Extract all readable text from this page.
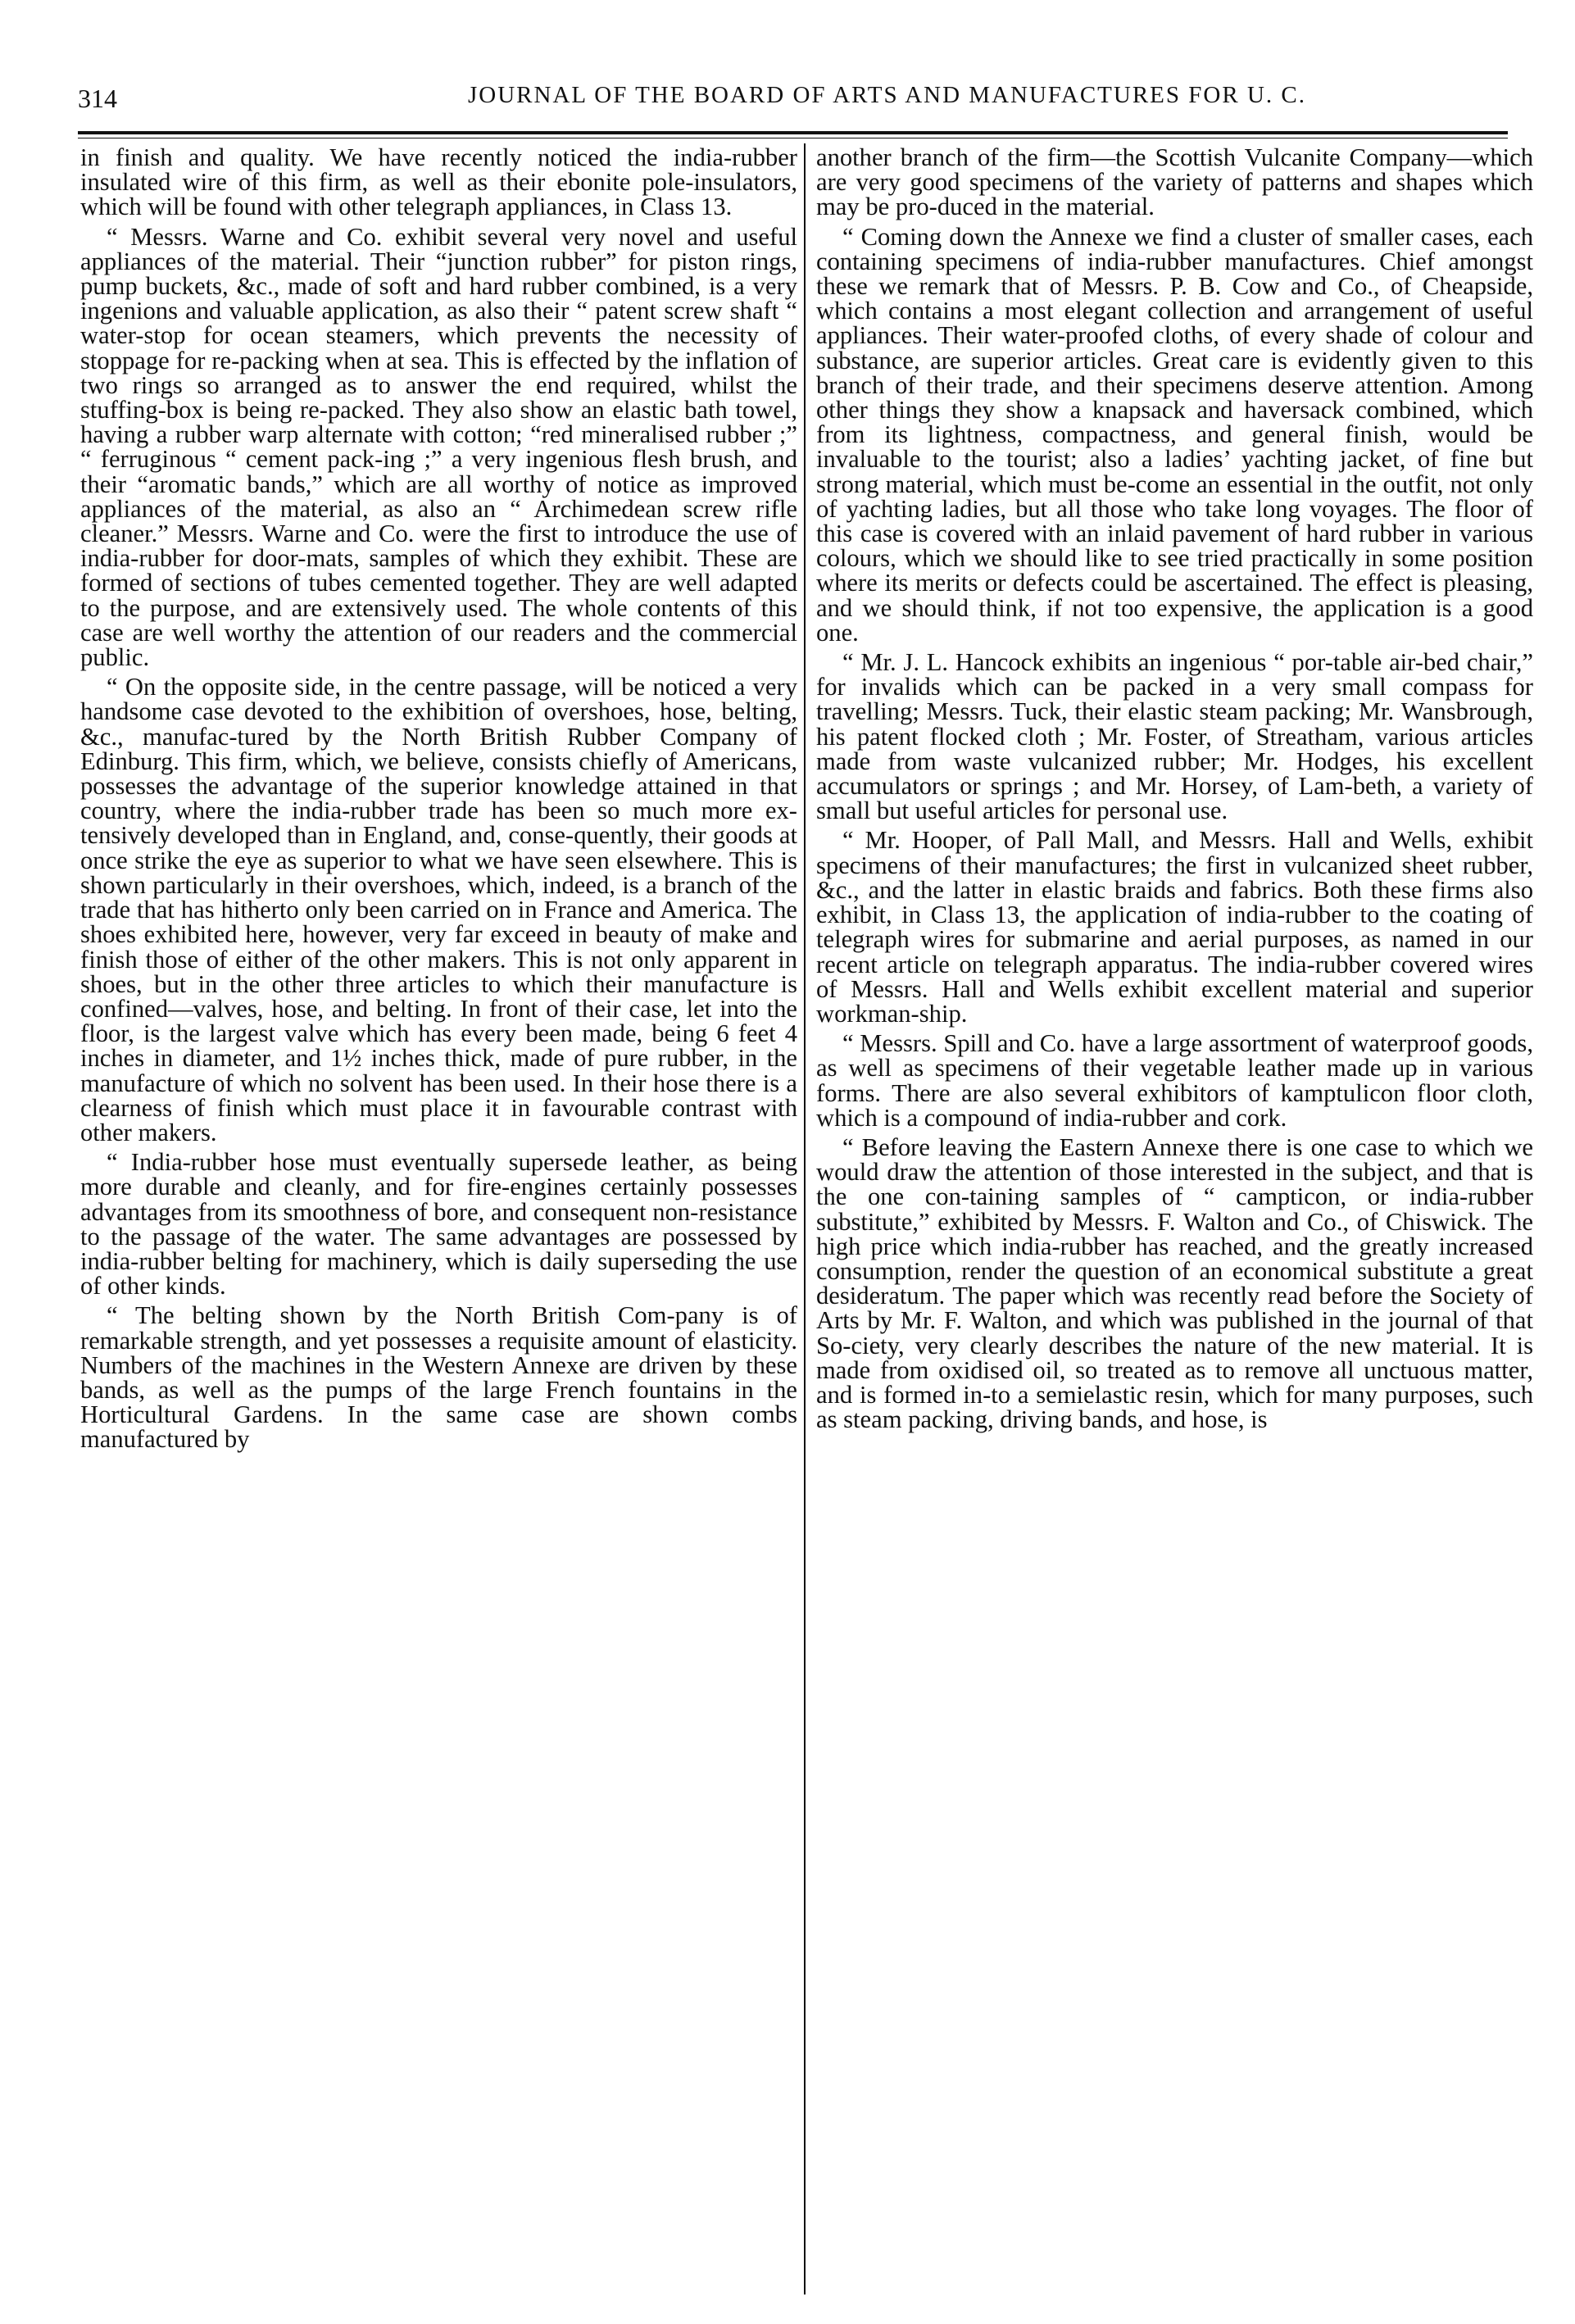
314	JOURNAL OF THE BOARD OF ARTS AND MANUFACTURES FOR U. C.

in finish and quality. We have recently noticed the india-rubber insulated wire of this firm, as well as their ebonite pole-insulators, which will be found with other telegraph appliances, in Class 13.

“ Messrs. Warne and Co. exhibit several very novel and useful appliances of the material. Their “junction rubber” for piston rings, pump buckets, &c., made of soft and hard rubber combined, is a very ingenions and valuable application, as also their “ patent screw shaft “ water-stop for ocean steamers, which prevents the necessity of stoppage for re-packing when at sea. This is effected by the inflation of two rings so arranged as to answer the end required, whilst the stuffing-box is being re-packed. They also show an elastic bath towel, having a rubber warp alternate with cotton; “red mineralised rubber ;” “ ferruginous “ cement pack-ing ;” a very ingenious flesh brush, and their “aromatic bands,” which are all worthy of notice as improved appliances of the material, as also an “ Archimedean screw rifle cleaner.” Messrs. Warne and Co. were the first to introduce the use of india-rubber for door-mats, samples of which they exhibit. These are formed of sections of tubes cemented together. They are well adapted to the purpose, and are extensively used. The whole contents of this case are well worthy the attention of our readers and the commercial public.

“ On the opposite side, in the centre passage, will be noticed a very handsome case devoted to the exhibition of overshoes, hose, belting, &c., manufac-tured by the North British Rubber Company of Edinburg. This firm, which, we believe, consists chiefly of Americans, possesses the advantage of the superior knowledge attained in that country, where the india-rubber trade has been so much more ex-tensively developed than in England, and, conse-quently, their goods at once strike the eye as superior to what we have seen elsewhere. This is shown particularly in their overshoes, which, indeed, is a branch of the trade that has hitherto only been carried on in France and America. The shoes exhibited here, however, very far exceed in beauty of make and finish those of either of the other makers. This is not only apparent in shoes, but in the other three articles to which their manufacture is confined—valves, hose, and belting. In front of their case, let into the floor, is the largest valve which has every been made, being 6 feet 4 inches in diameter, and 1½ inches thick, made of pure rubber, in the manufacture of which no solvent has been used. In their hose there is a clearness of finish which must place it in favourable contrast with other makers.

“ India-rubber hose must eventually supersede leather, as being more durable and cleanly, and for fire-engines certainly possesses advantages from its smoothness of bore, and consequent non-resistance to the passage of the water. The same advantages are possessed by india-rubber belting for machinery, which is daily superseding the use of other kinds.

“ The belting shown by the North British Com-pany is of remarkable strength, and yet possesses a requisite amount of elasticity. Numbers of the machines in the Western Annexe are driven by these bands, as well as the pumps of the large French fountains in the Horticultural Gardens. In the same case are shown combs manufactured by

another branch of the firm—the Scottish Vulcanite Company—which are very good specimens of the variety of patterns and shapes which may be pro-duced in the material.

“ Coming down the Annexe we find a cluster of smaller cases, each containing specimens of india-rubber manufactures. Chief amongst these we remark that of Messrs. P. B. Cow and Co., of Cheapside, which contains a most elegant collection and arrangement of useful appliances. Their water-proofed cloths, of every shade of colour and substance, are superior articles. Great care is evidently given to this branch of their trade, and their specimens deserve attention. Among other things they show a knapsack and haversack combined, which from its lightness, compactness, and general finish, would be invaluable to the tourist; also a ladies’ yachting jacket, of fine but strong material, which must be-come an essential in the outfit, not only of yachting ladies, but all those who take long voyages. The floor of this case is covered with an inlaid pavement of hard rubber in various colours, which we should like to see tried practically in some position where its merits or defects could be ascertained. The effect is pleasing, and we should think, if not too expensive, the application is a good one.

“ Mr. J. L. Hancock exhibits an ingenious “ por-table air-bed chair,” for invalids which can be packed in a very small compass for travelling; Messrs. Tuck, their elastic steam packing; Mr. Wansbrough, his patent flocked cloth ; Mr. Foster, of Streatham, various articles made from waste vulcanized rubber; Mr. Hodges, his excellent accumulators or springs ; and Mr. Horsey, of Lam-beth, a variety of small but useful articles for personal use.

“ Mr. Hooper, of Pall Mall, and Messrs. Hall and Wells, exhibit specimens of their manufactures; the first in vulcanized sheet rubber, &c., and the latter in elastic braids and fabrics. Both these firms also exhibit, in Class 13, the application of india-rubber to the coating of telegraph wires for submarine and aerial purposes, as named in our recent article on telegraph apparatus. The india-rubber covered wires of Messrs. Hall and Wells exhibit excellent material and superior workman-ship.

“ Messrs. Spill and Co. have a large assortment of waterproof goods, as well as specimens of their vegetable leather made up in various forms. There are also several exhibitors of kamptulicon floor cloth, which is a compound of india-rubber and cork.

“ Before leaving the Eastern Annexe there is one case to which we would draw the attention of those interested in the subject, and that is the one con-taining samples of “ campticon, or india-rubber substitute,” exhibited by Messrs. F. Walton and Co., of Chiswick. The high price which india-rubber has reached, and the greatly increased consumption, render the question of an economical substitute a great desideratum. The paper which was recently read before the Society of Arts by Mr. F. Walton, and which was published in the journal of that So-ciety, very clearly describes the nature of the new material. It is made from oxidised oil, so treated as to remove all unctuous matter, and is formed in-to a semielastic resin, which for many purposes, such as steam packing, driving bands, and hose, is
